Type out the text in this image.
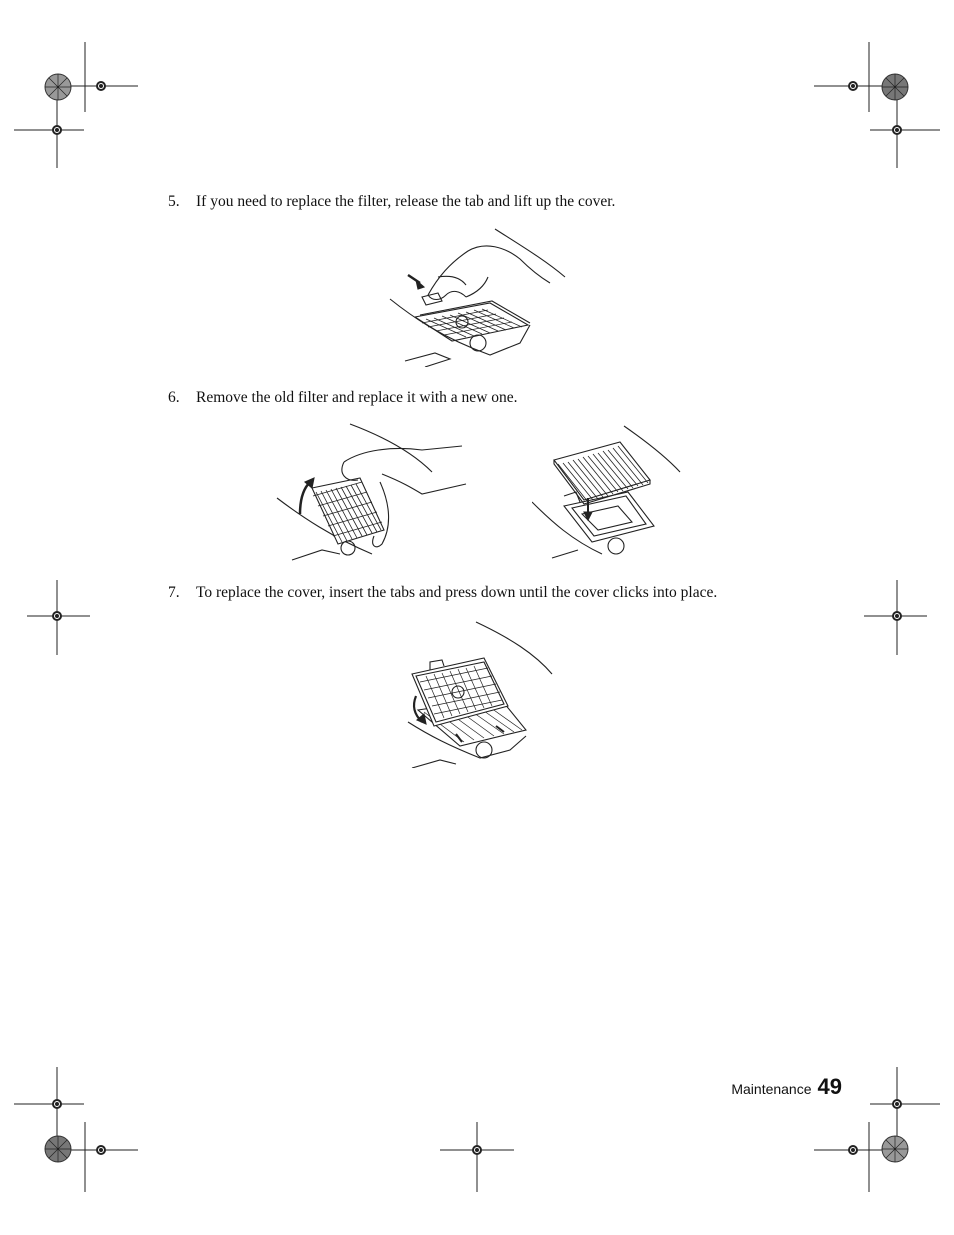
5. If you need to replace the filter, release the tab and lift up the cover.
6. Remove the old filter and replace it with a new one.
7. To replace the cover, insert the tabs and press down until the cover clicks into place.
Maintenance 49
